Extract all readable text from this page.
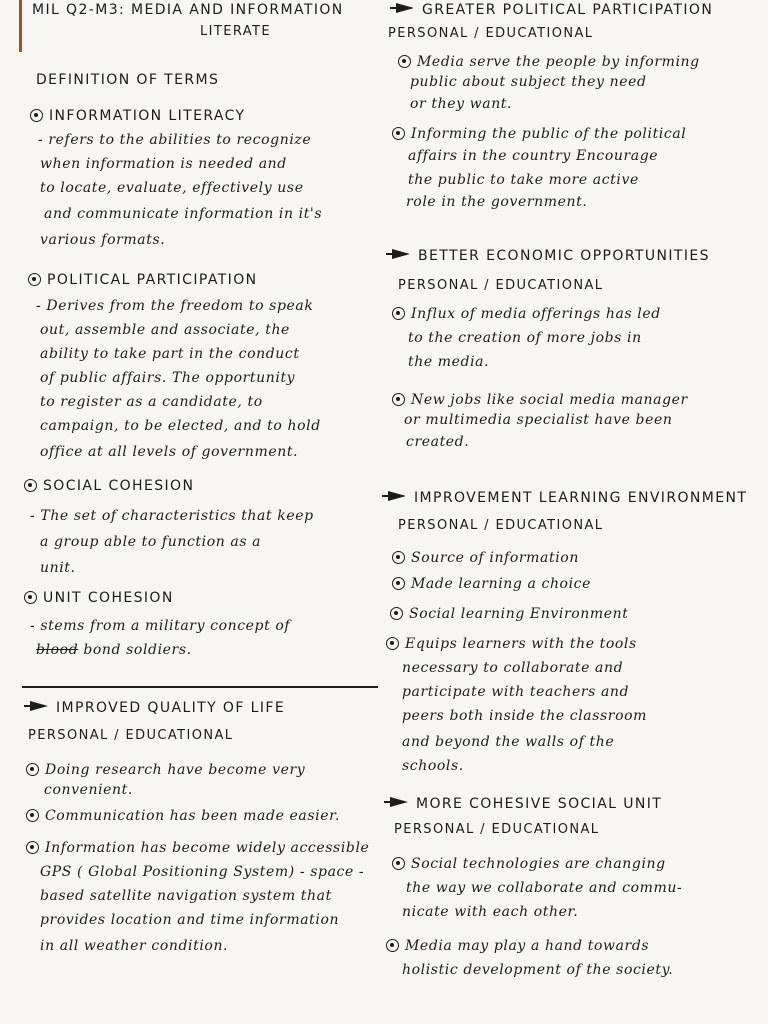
MIL Q2-M3: MEDIA AND INFORMATION
LITERATE
DEFINITION OF TERMS
INFORMATION LITERACY
- refers to the abilities to recognize
when information is needed and
to locate, evaluate, effectively use
and communicate information in it's
various formats.
POLITICAL PARTICIPATION
- Derives from the freedom to speak
out, assemble and associate, the
ability to take part in the conduct
of public affairs. The opportunity
to register as a candidate, to
campaign, to be elected, and to hold
office at all levels of government.
SOCIAL COHESION
- The set of characteristics that keep
a group able to function as a
unit.
UNIT COHESION
- stems from a military concept of
blood bond soldiers.
IMPROVED QUALITY OF LIFE
PERSONAL / EDUCATIONAL
Doing research have become very
convenient.
Communication has been made easier.
Information has become widely accessible
GPS ( Global Positioning System) - space -
based satellite navigation system that
provides location and time information
in all weather condition.
GREATER POLITICAL PARTICIPATION
PERSONAL / EDUCATIONAL
Media serve the people by informing
public about subject they need
or they want.
Informing the public of the political
affairs in the country Encourage
the public to take more active
role in the government.
BETTER ECONOMIC OPPORTUNITIES
PERSONAL / EDUCATIONAL
Influx of media offerings has led
to the creation of more jobs in
the media.
New jobs like social media manager
or multimedia specialist have been
created.
IMPROVEMENT LEARNING ENVIRONMENT
PERSONAL / EDUCATIONAL
Source of information
Made learning a choice
Social learning Environment
Equips learners with the tools
necessary to collaborate and
participate with teachers and
peers both inside the classroom
and beyond the walls of the
schools.
MORE COHESIVE SOCIAL UNIT
PERSONAL / EDUCATIONAL
Social technologies are changing
the way we collaborate and commu-
nicate with each other.
Media may play a hand towards
holistic development of the society.
